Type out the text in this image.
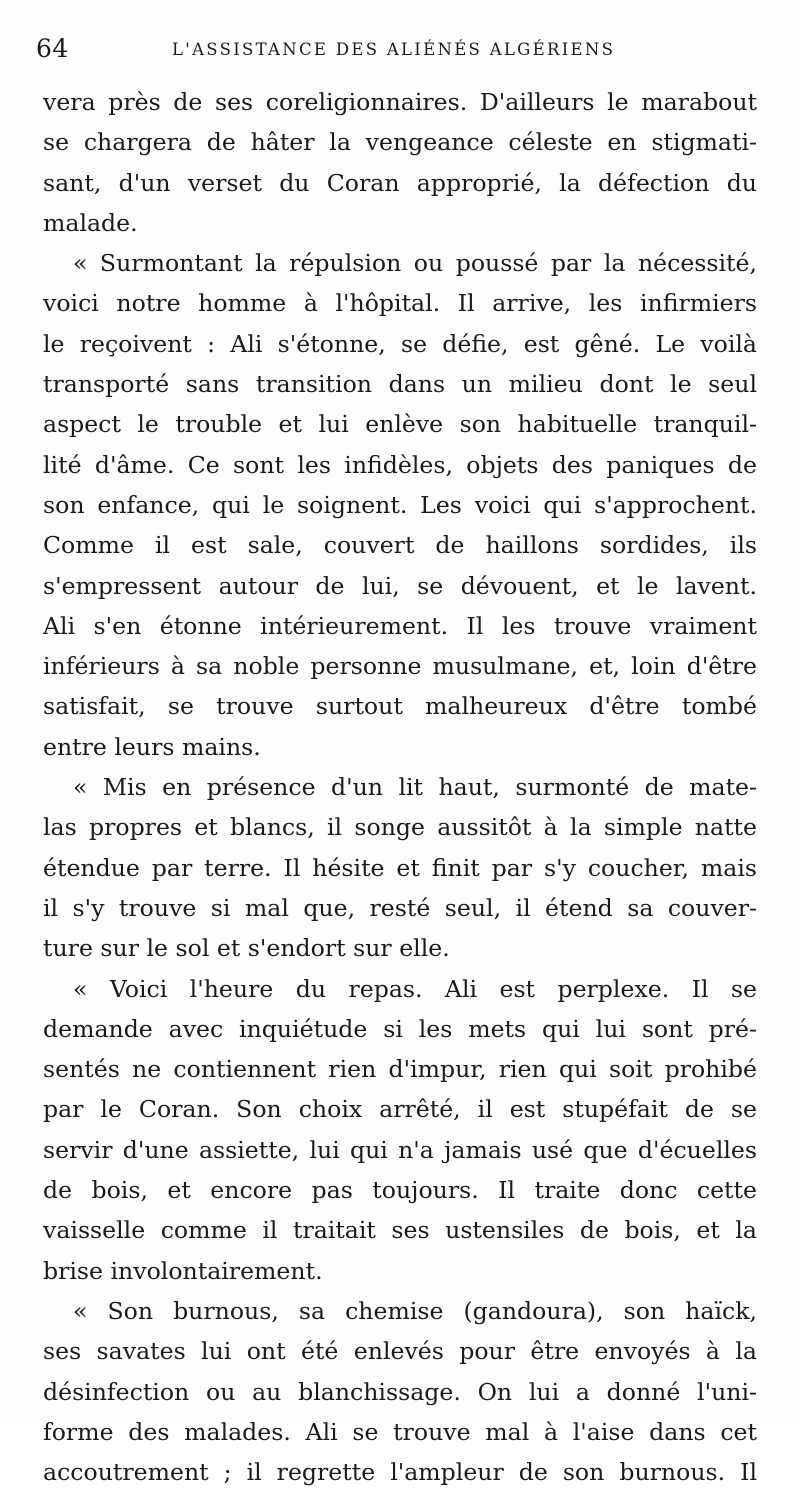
64	L'ASSISTANCE DES ALIÉNÉS ALGÉRIENS
vera près de ses coreligionnaires. D'ailleurs le marabout
se chargera de hâter la vengeance céleste en stigmati-
sant, d'un verset du Coran approprié, la défection du
malade.
« Surmontant la répulsion ou poussé par la nécessité,
voici notre homme à l'hôpital. Il arrive, les infirmiers
le reçoivent : Ali s'étonne, se défie, est gêné. Le voilà
transporté sans transition dans un milieu dont le seul
aspect le trouble et lui enlève son habituelle tranquil-
lité d'âme. Ce sont les infidèles, objets des paniques de
son enfance, qui le soignent. Les voici qui s'approchent.
Comme il est sale, couvert de haillons sordides, ils
s'empressent autour de lui, se dévouent, et le lavent.
Ali s'en étonne intérieurement. Il les trouve vraiment
inférieurs à sa noble personne musulmane, et, loin d'être
satisfait, se trouve surtout malheureux d'être tombé
entre leurs mains.
« Mis en présence d'un lit haut, surmonté de mate-
las propres et blancs, il songe aussitôt à la simple natte
étendue par terre. Il hésite et finit par s'y coucher, mais
il s'y trouve si mal que, resté seul, il étend sa couver-
ture sur le sol et s'endort sur elle.
« Voici l'heure du repas. Ali est perplexe. Il se
demande avec inquiétude si les mets qui lui sont pré-
sentés ne contiennent rien d'impur, rien qui soit prohibé
par le Coran. Son choix arrêté, il est stupéfait de se
servir d'une assiette, lui qui n'a jamais usé que d'écuelles
de bois, et encore pas toujours. Il traite donc cette
vaisselle comme il traitait ses ustensiles de bois, et la
brise involontairement.
« Son burnous, sa chemise (gandoura), son haïck,
ses savates lui ont été enlevés pour être envoyés à la
désinfection ou au blanchissage. On lui a donné l'uni-
forme des malades. Ali se trouve mal à l'aise dans cet
accoutrement ; il regrette l'ampleur de son burnous. Il
